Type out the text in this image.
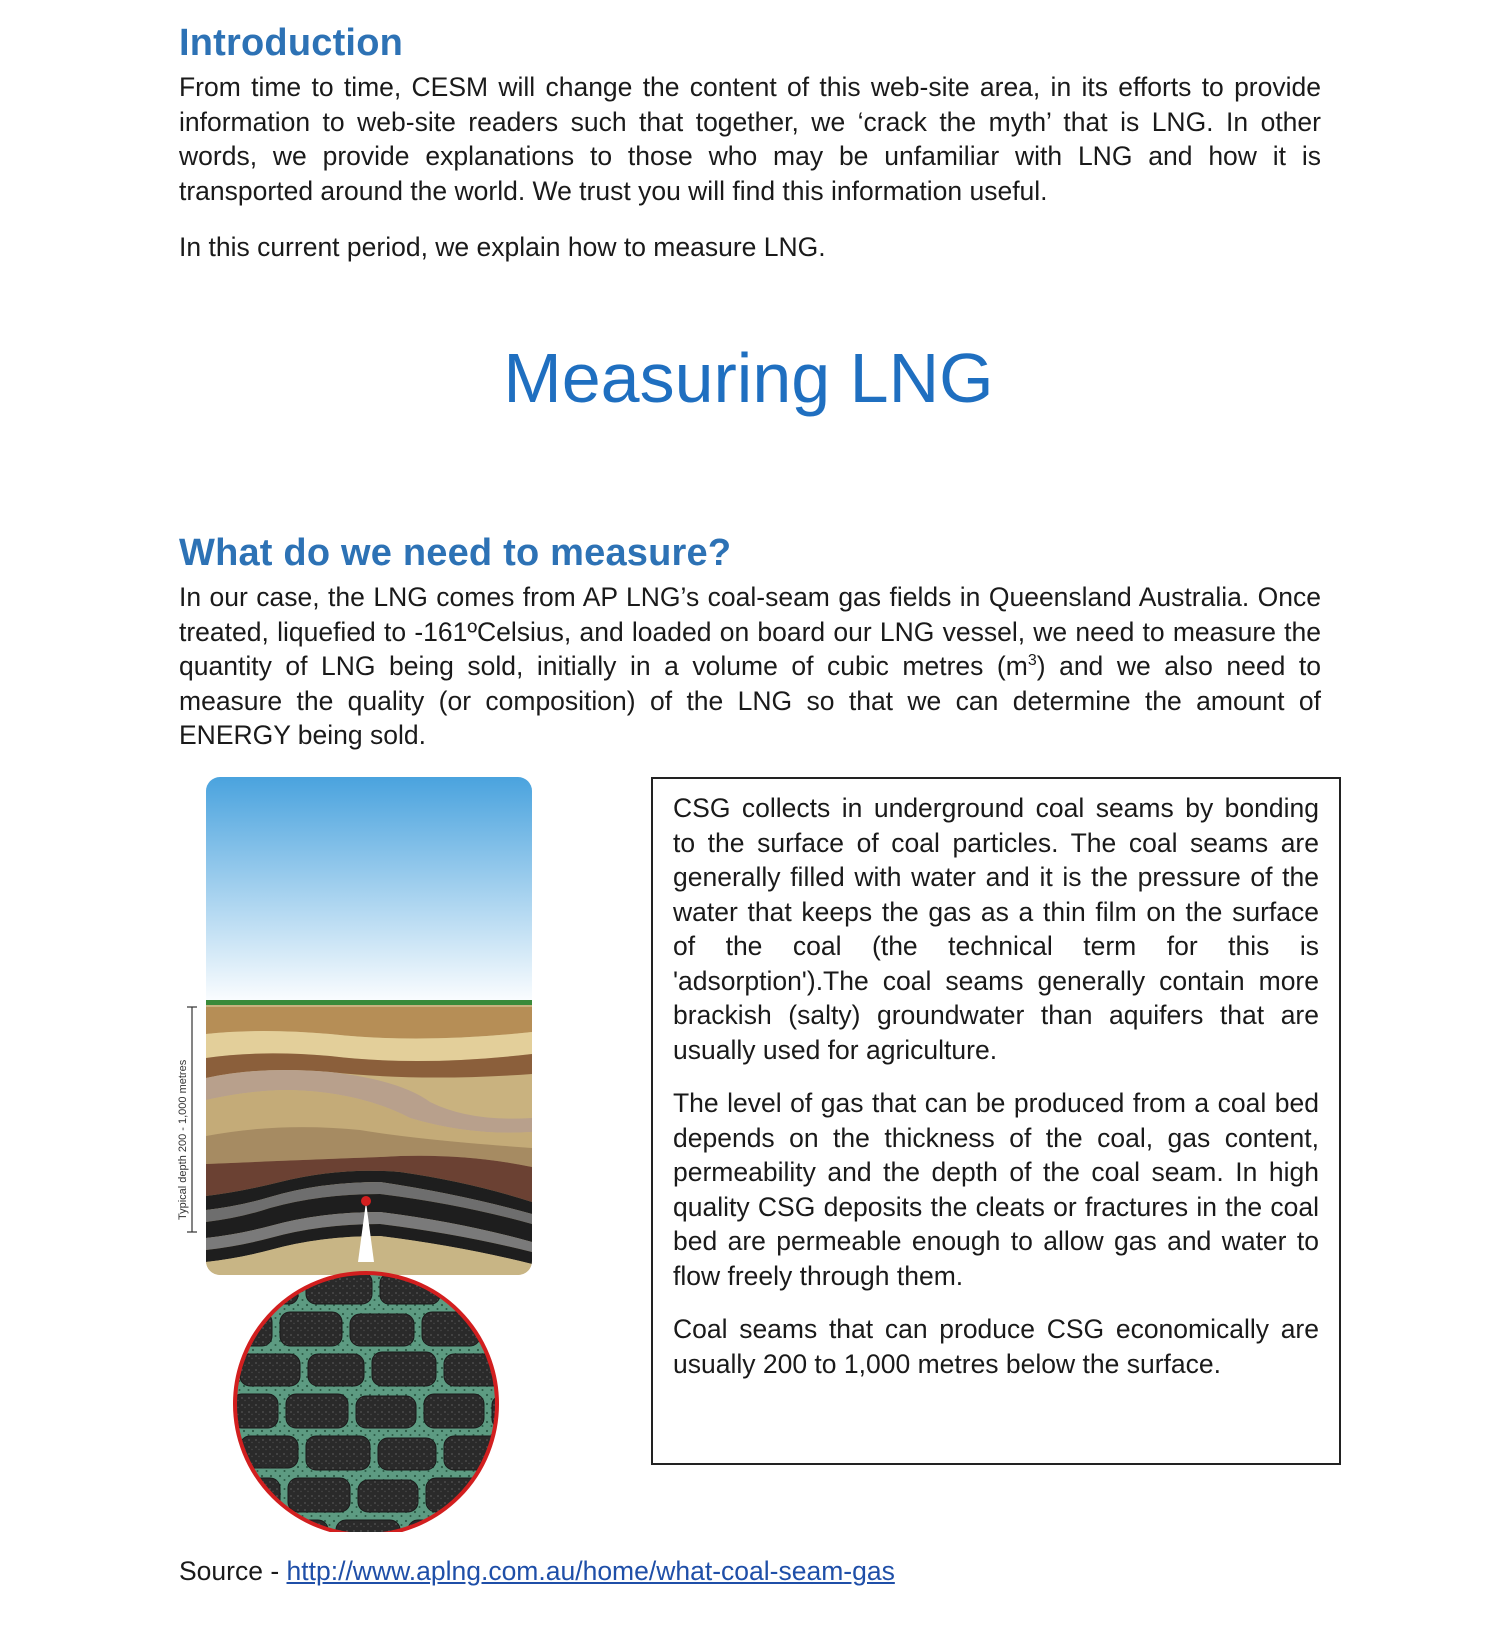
Introduction

From time to time, CESM will change the content of this web-site area, in its efforts to provide information to web-site readers such that together, we ‘crack the myth’ that is LNG. In other words, we provide explanations to those who may be unfamiliar with LNG and how it is transported around the world. We trust you will find this information useful.

In this current period, we explain how to measure LNG.

Measuring LNG
What do we need to measure?

In our case, the LNG comes from AP LNG’s coal-seam gas fields in Queensland Australia. Once treated, liquefied to -161ºCelsius, and loaded on board our LNG vessel, we need to measure the quantity of LNG being sold, initially in a volume of cubic metres $(m^3)$ and we also need to measure the quality (or composition) of the LNG so that we can determine the amount of ENERGY being sold.

Typical depth 200 - 1,000 metres

CSG collects in underground coal seams by bonding to the surface of coal particles. The coal seams are generally filled with water and it is the pressure of the water that keeps the gas as a thin film on the surface of the coal (the technical term for this is 'adsorption').The coal seams generally contain more brackish (salty) groundwater than aquifers that are usually used for agriculture.

The level of gas that can be produced from a coal bed depends on the thickness of the coal, gas content, permeability and the depth of the coal seam. In high quality CSG deposits the cleats or fractures in the coal bed are permeable enough to allow gas and water to flow freely through them.

Coal seams that can produce CSG economically are usually 200 to 1,000 metres below the surface.

Source - http://www.aplng.com.au/home/what-coal-seam-gas
